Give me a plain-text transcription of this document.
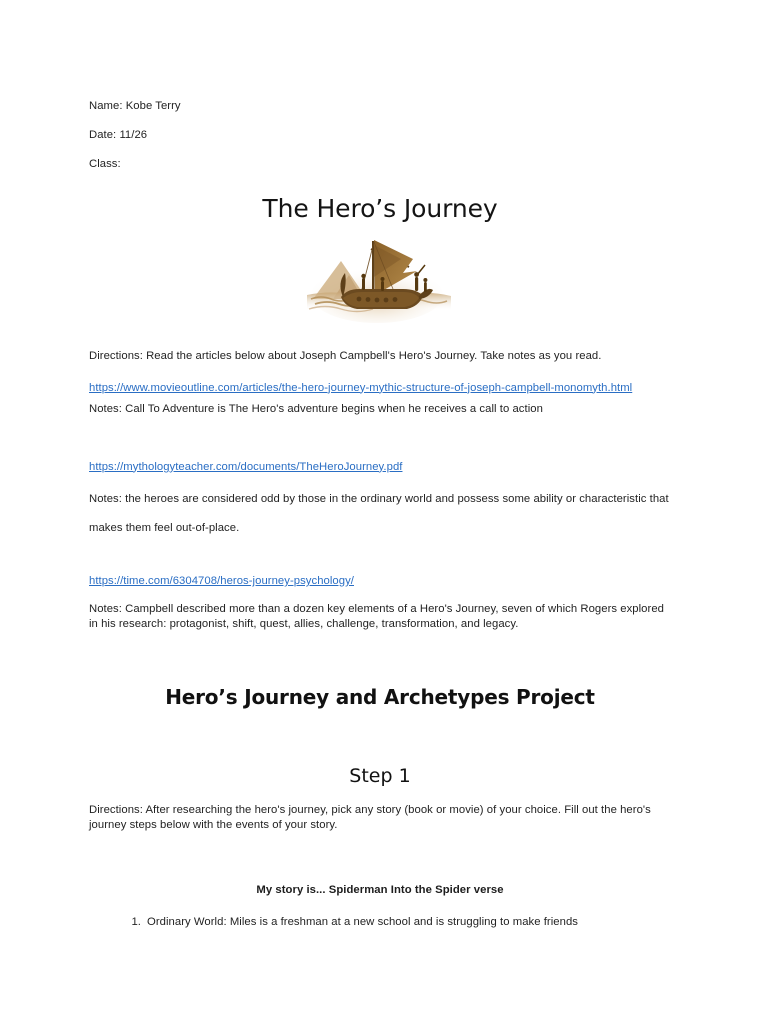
Name: Kobe Terry
Date: 11/26
Class:
The Hero’s Journey

Directions: Read the articles below about Joseph Campbell's Hero's Journey. Take notes as you read.

https://www.movieoutline.com/articles/the-hero-journey-mythic-structure-of-joseph-campbell-monomyth.html

Notes: Call To Adventure is The Hero's adventure begins when he receives a call to action

https://mythologyteacher.com/documents/TheHeroJourney.pdf

Notes: the heroes are considered odd by those in the ordinary world and possess some ability or characteristic that makes them feel out-of-place.

https://time.com/6304708/heros-journey-psychology/

Notes: Campbell described more than a dozen key elements of a Hero's Journey, seven of which Rogers explored in his research: protagonist, shift, quest, allies, challenge, transformation, and legacy.

Hero’s Journey and Archetypes Project
Step 1

Directions: After researching the hero's journey, pick any story (book or movie) of your choice. Fill out the hero's journey steps below with the events of your story.

My story is... Spiderman Into the Spider verse

Ordinary World: Miles is a freshman at a new school and is struggling to make friends
